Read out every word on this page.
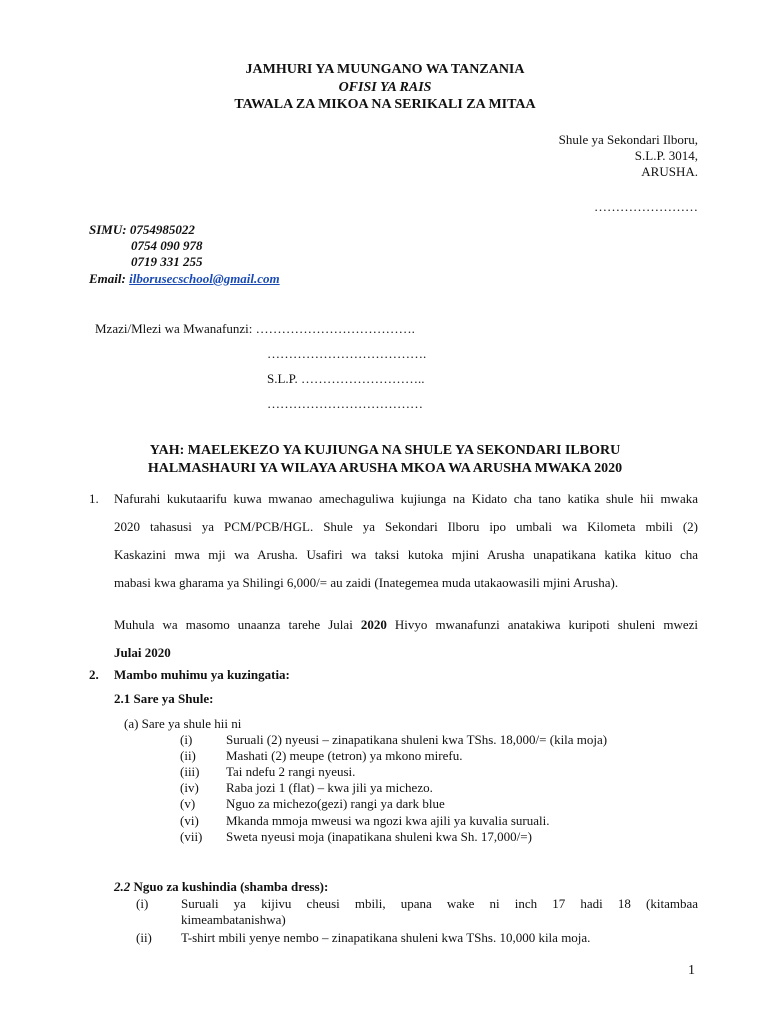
JAMHURI YA MUUNGANO WA TANZANIA
OFISI YA RAIS
TAWALA ZA MIKOA NA SERIKALI ZA MITAA
Shule ya Sekondari Ilboru,
S.L.P. 3014,
ARUSHA.
……………………
SIMU: 0754985022
0754 090 978
0719 331 255
Email: ilborusecschool@gmail.com
Mzazi/Mlezi wa Mwanafunzi: ……………………………….
……………………………….
S.L.P. ………………………..
………………………………
YAH: MAELEKEZO YA KUJIUNGA NA SHULE YA SEKONDARI ILBORU
HALMASHAURI YA WILAYA ARUSHA MKOA WA ARUSHA MWAKA 2020
1. Nafurahi kukutaarifu kuwa mwanao amechaguliwa kujiunga na Kidato cha tano katika shule hii mwaka
2020 tahasusi ya PCM/PCB/HGL. Shule ya Sekondari Ilboru ipo umbali wa Kilometa mbili (2)
Kaskazini mwa mji wa Arusha. Usafiri wa taksi kutoka mjini Arusha unapatikana katika kituo cha
mabasi kwa gharama ya Shilingi 6,000/= au zaidi (Inategemea muda utakaowasili mjini Arusha).
Muhula wa masomo unaanza tarehe Julai 2020 Hivyo mwanafunzi anatakiwa kuripoti shuleni mwezi
Julai 2020
2. Mambo muhimu ya kuzingatia:
2.1 Sare ya Shule:
(a) Sare ya shule hii ni
(i)	Suruali (2) nyeusi – zinapatikana shuleni kwa TShs. 18,000/= (kila moja)
(ii)	Mashati (2) meupe (tetron) ya mkono mirefu.
(iii)	Tai ndefu 2 rangi nyeusi.
(iv)	Raba jozi 1 (flat) – kwa jili ya michezo.
(v)	Nguo za michezo(gezi) rangi ya dark blue
(vi)	Mkanda mmoja mweusi wa ngozi kwa ajili ya kuvalia suruali.
(vii)	Sweta nyeusi moja (inapatikana shuleni kwa Sh. 17,000/=)
2.2 Nguo za kushindia (shamba dress):
(i)	Suruali ya kijivu cheusi mbili, upana wake ni inch 17 hadi 18 (kitambaa
kimeambatanishwa)
(ii) T-shirt mbili yenye nembo – zinapatikana shuleni kwa TShs. 10,000 kila moja.
1
